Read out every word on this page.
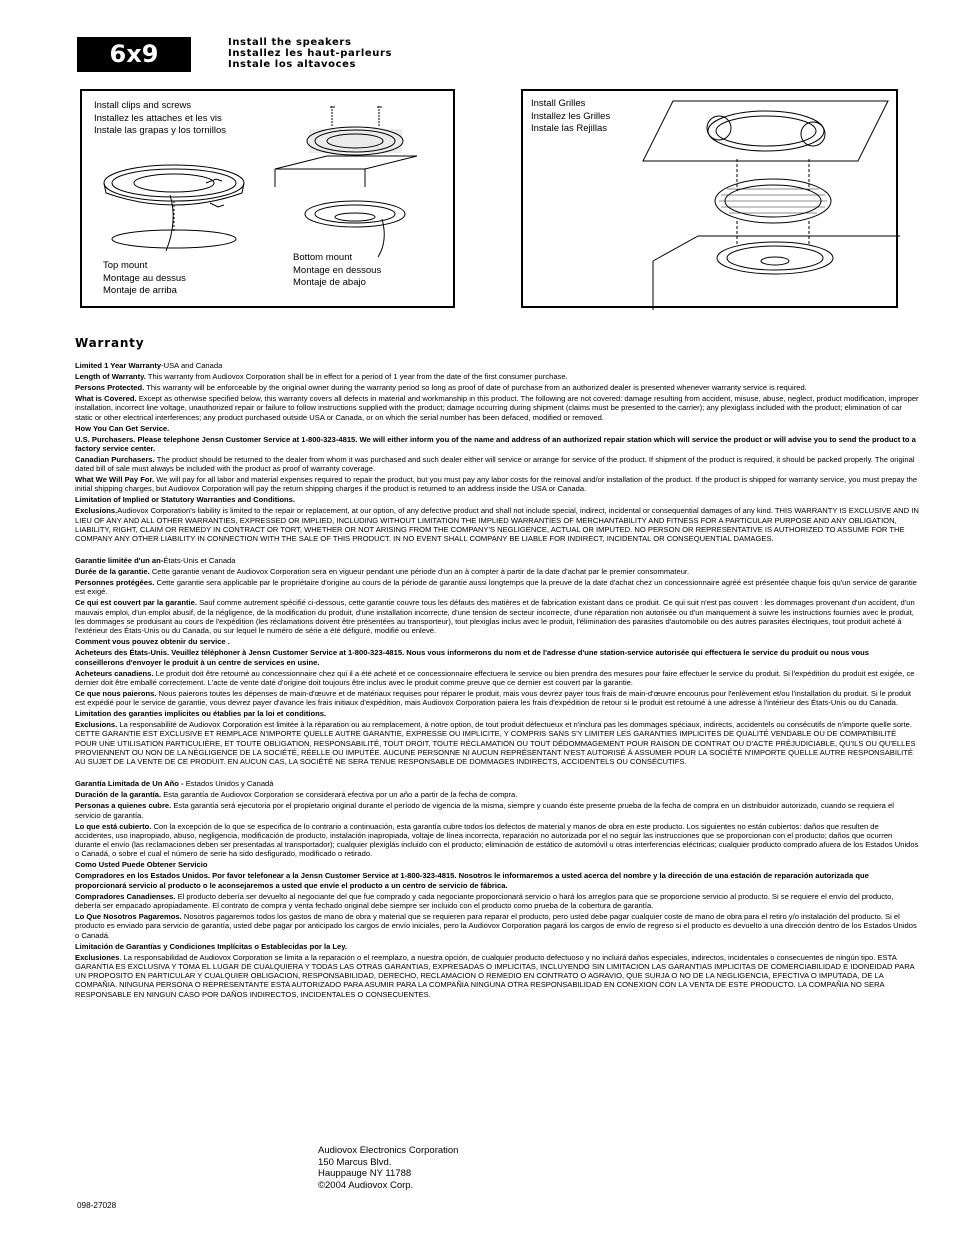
6x9	Install the speakers
Installez les haut-parleurs
Instale los altavoces
Install clips and screws
Installez les attaches et les vis
Instale las grapas y los tornillos
Top mount
Montage au dessus
Montaje de arriba
Bottom mount
Montage en dessous
Montaje de abajo
Install Grilles
Installez les Grilles
Instale las Rejillas
Warranty

Limited 1 Year Warranty-USA and Canada

Length of Warranty. This warranty from Audiovox Corporation shall be in effect for a period of 1 year from the date of the first consumer purchase.

Persons Protected. This warranty will be enforceable by the original owner during the warranty period so long as proof of date of purchase from an authorized dealer is presented whenever warranty service is required.

What is Covered. Except as otherwise specified below, this warranty covers all defects in material and workmanship in this product. The following are not covered: damage resulting from accident, misuse, abuse, neglect, product modification, improper installation, incorrect line voltage, unauthorized repair or failure to follow instructions supplied with the product; damage occurring during shipment (claims must be presented to the carrier); any plexiglass included with the product; elimination of car static or other electrical interferences; any product purchased outside USA or Canada, or on which the serial number has been defaced, modified or removed.

How You Can Get Service.

U.S. Purchasers. Please telephone Jensn Customer Service at 1-800-323-4815. We will either inform you of the name and address of an authorized repair station which will service the product or will advise you to send the product to a factory service center.

Canadian Purchasers. The product should be returned to the dealer from whom it was purchased and such dealer either will service or arrange for service of the product. If shipment of the product is required, it should be packed properly. The original dated bill of sale must always be included with the product as proof of warranty coverage.

What We Will Pay For. We will pay for all labor and material expenses required to repair the product, but you must pay any labor costs for the removal and/or installation of the product. If the product is shipped for warranty service, you must prepay the initial shipping charges, but Audiovox Corporation will pay the return shipping charges if the product is returned to an address inside the USA or Canada.

Limitation of Implied or Statutory Warranties and Conditions.

Exclusions.Audiovox Corporation's liability is limited to the repair or replacement, at our option, of any defective product and shall not include special, indirect, incidental or consequential damages of any kind. THIS WARRANTY IS EXCLUSIVE AND IN LIEU OF ANY AND ALL OTHER WARRANTIES, EXPRESSED OR IMPLIED, INCLUDING WITHOUT LIMITATION THE IMPLIED WARRANTIES OF MERCHANTABILITY AND FITNESS FOR A PARTICULAR PURPOSE AND ANY OBLIGATION, LIABILITY, RIGHT, CLAIM OR REMEDY IN CONTRACT OR TORT, WHETHER OR NOT ARISING FROM THE COMPANY'S NEGLIGENCE, ACTUAL OR IMPUTED. NO PERSON OR REPRESENTATIVE IS AUTHORIZED TO ASSUME FOR THE COMPANY ANY OTHER LIABILITY IN CONNECTION WITH THE SALE OF THIS PRODUCT. IN NO EVENT SHALL COMPANY BE LIABLE FOR INDIRECT, INCIDENTAL OR CONSEQUENTIAL DAMAGES.

Garantie limitée d'un an-États-Unis et Canada

Durée de la garantie. Cette garantie venant de Audiovox Corporation sera en vigueur pendant une période d'un an à compter à partir de la date d'achat par le premier consommateur.

Personnes protégées. Cette garantie sera applicable par le propriétaire d'origine au cours de la période de garantie aussi longtemps que la preuve de la date d'achat chez un concessionnaire agréé est présentée chaque fois qu'un service de garantie est exigé.

Ce qui est couvert par la garantie. Sauf comme autrement spécifié ci-dessous, cette garantie couvre tous les défauts des matières et de fabrication existant dans ce produit. Ce qui suit n'est pas couvert : les dommages provenant d'un accident, d'un mauvais emploi, d'un emploi abusif, de la négligence, de la modification du produit, d'une installation incorrecte, d'une tension de secteur incorrecte, d'une réparation non autorisée ou d'un manquement à suivre les instructions fournies avec le produit, les dommages se produisant au cours de l'expédition (les réclamations doivent être présentées au transporteur), tout plexiglas inclus avec le produit, l'élimination des parasites d'automobile ou des autres parasites électriques, tout produit acheté à l'extérieur des États-Unis ou du Canada, ou sur lequel le numéro de série a été défiguré, modifié ou enlevé.

Comment vous pouvez obtenir du service .

Acheteurs des États-Unis. Veuillez téléphoner à Jensn Customer Service at 1-800-323-4815. Nous vous informerons du nom et de l'adresse d'une station-service autorisée qui effectuera le service du produit ou nous vous conseillerons d'envoyer le produit à un centre de services en usine.

Acheteurs canadiens. Le produit doit être retourné au concessionnaire chez qui il a été acheté et ce concessionnaire effectuera le service ou bien prendra des mesures pour faire effectuer le service du produit. Si l'expédition du produit est exigée, ce dernier doit être emballé correctement. L'acte de vente daté d'origine doit toujours être inclus avec le produit comme preuve que ce dernier est couvert par la garantie.

Ce que nous paierons. Nous paierons toutes les dépenses de main-d'œuvre et de matériaux requises pour réparer le produit, mais vous devrez payer tous frais de main-d'œuvre encourus pour l'enlèvement et/ou l'installation du produit. Si le produit est expédié pour le service de garantie, vous devrez payer d'avance les frais initiaux d'expédition, mais Audiovox Corporation paiera les frais d'expédition de retour si le produit est retourné à une adresse à l'intérieur des États-Unis ou du Canada.

Limitation des garanties implicites ou établies par la loi et conditions.

Exclusions. La responsabilité de Audiovox Corporation est limitée à la réparation ou au remplacement, à notre option, de tout produit défectueux et n'inclura pas les dommages spéciaux, indirects, accidentels ou consécutifs de n'importe quelle sorte. CETTE GARANTIE EST EXCLUSIVE ET REMPLACE N'IMPORTE QUELLE AUTRE GARANTIE, EXPRESSE OU IMPLICITE, Y COMPRIS SANS S'Y LIMITER LES GARANTIES IMPLICITES DE QUALITÉ VENDABLE OU DE COMPATIBILITÉ POUR UNE UTILISATION PARTICULIÈRE, ET TOUTE OBLIGATION, RESPONSABILITÉ, TOUT DROIT, TOUTE RÉCLAMATION OU TOUT DÉDOMMAGEMENT POUR RAISON DE CONTRAT OU D'ACTE PRÉJUDICIABLE, QU'ILS OU QU'ELLES PROVIENNENT OU NON DE LA NÉGLIGENCE DE LA SOCIÉTÉ, RÉELLE OU IMPUTÉE. AUCUNE PERSONNE NI AUCUN REPRÉSENTANT N'EST AUTORISÉ À ASSUMER POUR LA SOCIÉTÉ N'IMPORTE QUELLE AUTRE RESPONSABILITÉ AU SUJET DE LA VENTE DE CE PRODUIT. EN AUCUN CAS, LA SOCIÉTÉ NE SERA TENUE RESPONSABLE DE DOMMAGES INDIRECTS, ACCIDENTELS OU CONSÉCUTIFS.

Garantía Limitada de Un Año - Estados Unidos y Canadá

Duración de la garantía. Esta garantía de Audiovox Corporation se considerará efectiva por un año a partir de la fecha de compra.

Personas a quienes cubre. Esta garantía será ejecutoria por el propietario original durante el período de vigencia de la misma, siempre y cuando éste presente prueba de la fecha de compra en un distribuidor autorizado, cuando se requiera el servicio de garantía.

Lo que está cubierto. Con la excepción de lo que se especifica de lo contrario a continuación, esta garantía cubre todos los defectos de material y manos de obra en este producto. Los siguientes no están cubiertos: daños que resulten de accidentes, uso inapropiado, abuso, negligencia, modificación de producto, instalación inapropiada, voltaje de línea incorrecta, reparación no autorizada por el no seguir las instrucciones que se proporcionan con el producto; daños que ocurren durante el envío (las reclamaciones deben ser presentadas al transportador); cualquier plexiglás incluido con el producto; eliminación de estático de automóvil u otras interferencias eléctricas; cualquier producto comprado afuera de los Estados Unidos o Canadá, o sobre el cual el número de serie ha sido desfigurado, modificado o retirado.

Como Usted Puede Obtener Servicio

Compradores en los Estados Unidos. Por favor telefonear a la Jensn Customer Service at 1-800-323-4815. Nosotros le informaremos a usted acerca del nombre y la dirección de una estación de reparación autorizada que proporcionará servicio al producto o le aconsejaremos a usted que envíe el producto a un centro de servicio de fábrica.

Compradores Canadienses. El producto debería ser devuelto al negociante del que fue comprado y cada negociante proporcionará servicio o hará los arreglos para que se proporcione servicio al producto. Si se requiere el envío del producto, debería ser empacado apropiadamente. El contrato de compra y venta fechado original debe siempre ser incluido con el producto como prueba de la cobertura de garantía.

Lo Que Nosotros Pagaremos. Nosotros pagaremos todos los gastos de mano de obra y material que se requieren para reparar el producto, pero usted debe pagar cualquier coste de mano de obra para el retiro y/o instalación del producto. Si el producto es enviado para servicio de garantía, usted debe pagar por anticipado los cargos de envío iniciales, pero la Audiovox Corporation pagará los cargos de envío de regreso si el producto es devuelto a una dirección dentro de los Estados Unidos o Canadá.

Limitación de Garantías y Condiciones Implícitas o Establecidas por la Ley.

Exclusiones. La responsabilidad de Audiovox Corporation se limita a la reparación o el reemplazo, a nuestra opción, de cualquier producto defectuoso y no incluirá daños especiales, indirectos, incidentales o consecuentes de ningún tipo. ESTA GARANTIA ES EXCLUSIVA Y TOMA EL LUGAR DE CUALQUIERA Y TODAS LAS OTRAS GARANTIAS, EXPRESADAS O IMPLICITAS, INCLUYENDO SIN LIMITACION LAS GARANTIAS IMPLICITAS DE COMERCIABILIDAD E IDONEIDAD PARA UN PROPOSITO EN PARTICULAR Y CUALQUIER OBLIGACION, RESPONSABILIDAD, DERECHO, RECLAMACION O REMEDIO EN CONTRATO O AGRAVIO, QUE SURJA O NO DE LA NEGLIGENCIA, EFECTIVA O IMPUTADA, DE LA COMPAÑIA. NINGUNA PERSONA O REPRESENTANTE ESTA AUTORIZADO PARA ASUMIR PARA LA COMPAÑIA NINGUNA OTRA RESPONSABILIDAD EN CONEXION CON LA VENTA DE ESTE PRODUCTO. LA COMPAÑIA NO SERA RESPONSABLE EN NINGUN CASO POR DAÑOS INDIRECTOS, INCIDENTALES O CONSECUENTES.

Audiovox Electronics Corporation
150 Marcus Blvd.
Hauppauge NY 11788
©2004 Audiovox Corp.
098-27028
